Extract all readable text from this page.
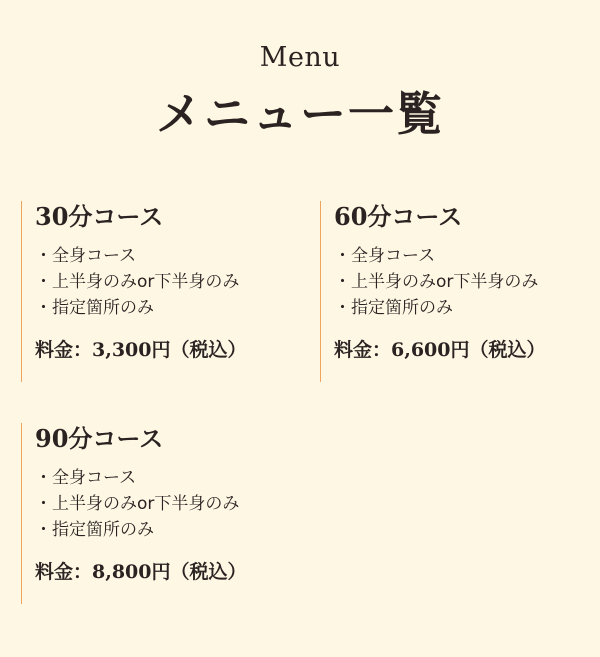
Menu
メニュー一覧
30分コース
・ 全身コース
・ 上半身のみor下半身のみ
・ 指定箇所のみ
料金：3,300円（税込）
60分コース
・ 全身コース
・ 上半身のみor下半身のみ
・ 指定箇所のみ
料金：6,600円（税込）
90分コース
・ 全身コース
・ 上半身のみor下半身のみ
・ 指定箇所のみ
料金：8,800円（税込）
